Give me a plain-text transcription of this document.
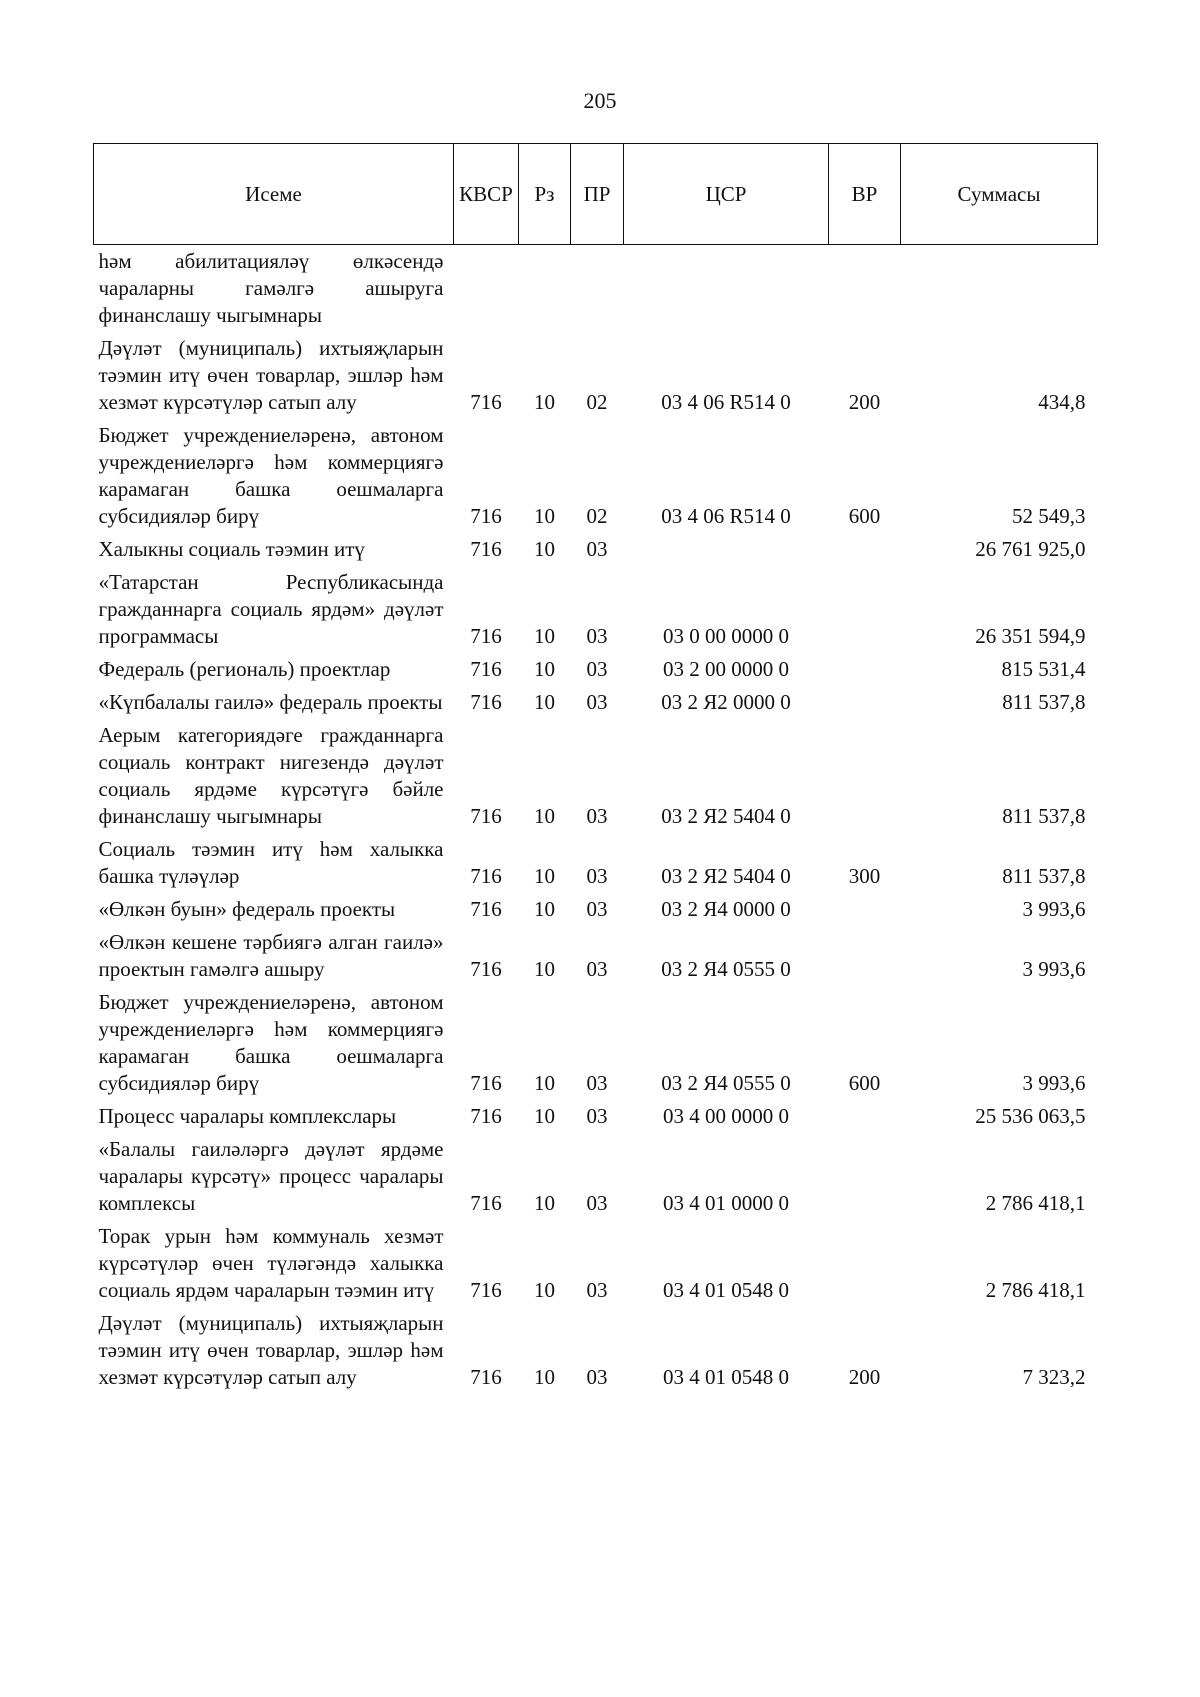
205
Исеме	КВСР	Рз	ПР	ЦСР	ВР	Суммасы
һәм абилитацияләү өлкәсендә чараларны гамәлгә ашыруга финанслашу чыгымнары						
Дәүләт (муниципаль) ихтыяҗларын тәэмин итү өчен товарлар, эшләр һәм хезмәт күрсәтүләр сатып алу	716	10	02	03 4 06 R514 0	200	434,8
Бюджет учреждениеләренә, автоном учреждениеләргә һәм коммерциягә карамаган башка оешмаларга субсидияләр бирү	716	10	02	03 4 06 R514 0	600	52 549,3
Халыкны социаль тәэмин итү	716	10	03			26 761 925,0
«Татарстан Республикасында гражданнарга социаль ярдәм» дәүләт программасы	716	10	03	03 0 00 0000 0		26 351 594,9
Федераль (региональ) проектлар	716	10	03	03 2 00 0000 0		815 531,4
«Күпбалалы гаилә» федераль проекты	716	10	03	03 2 Я2 0000 0		811 537,8
Аерым категориядәге гражданнарга социаль контракт нигезендә дәүләт социаль ярдәме күрсәтүгә бәйле финанслашу чыгымнары	716	10	03	03 2 Я2 5404 0		811 537,8
Социаль тәэмин итү һәм халыкка башка түләүләр	716	10	03	03 2 Я2 5404 0	300	811 537,8
«Өлкән буын» федераль проекты	716	10	03	03 2 Я4 0000 0		3 993,6
«Өлкән кешене тәрбиягә алган гаилә» проектын гамәлгә ашыру	716	10	03	03 2 Я4 0555 0		3 993,6
Бюджет учреждениеләренә, автоном учреждениеләргә һәм коммерциягә карамаган башка оешмаларга субсидияләр бирү	716	10	03	03 2 Я4 0555 0	600	3 993,6
Процесс чаралары комплекслары	716	10	03	03 4 00 0000 0		25 536 063,5
«Балалы гаиләләргә дәүләт ярдәме чаралары күрсәтү» процесс чаралары комплексы	716	10	03	03 4 01 0000 0		2 786 418,1
Торак урын һәм коммуналь хезмәт күрсәтүләр өчен түләгәндә халыкка социаль ярдәм чараларын тәэмин итү	716	10	03	03 4 01 0548 0		2 786 418,1
Дәүләт (муниципаль) ихтыяҗларын тәэмин итү өчен товарлар, эшләр һәм хезмәт күрсәтүләр сатып алу	716	10	03	03 4 01 0548 0	200	7 323,2
